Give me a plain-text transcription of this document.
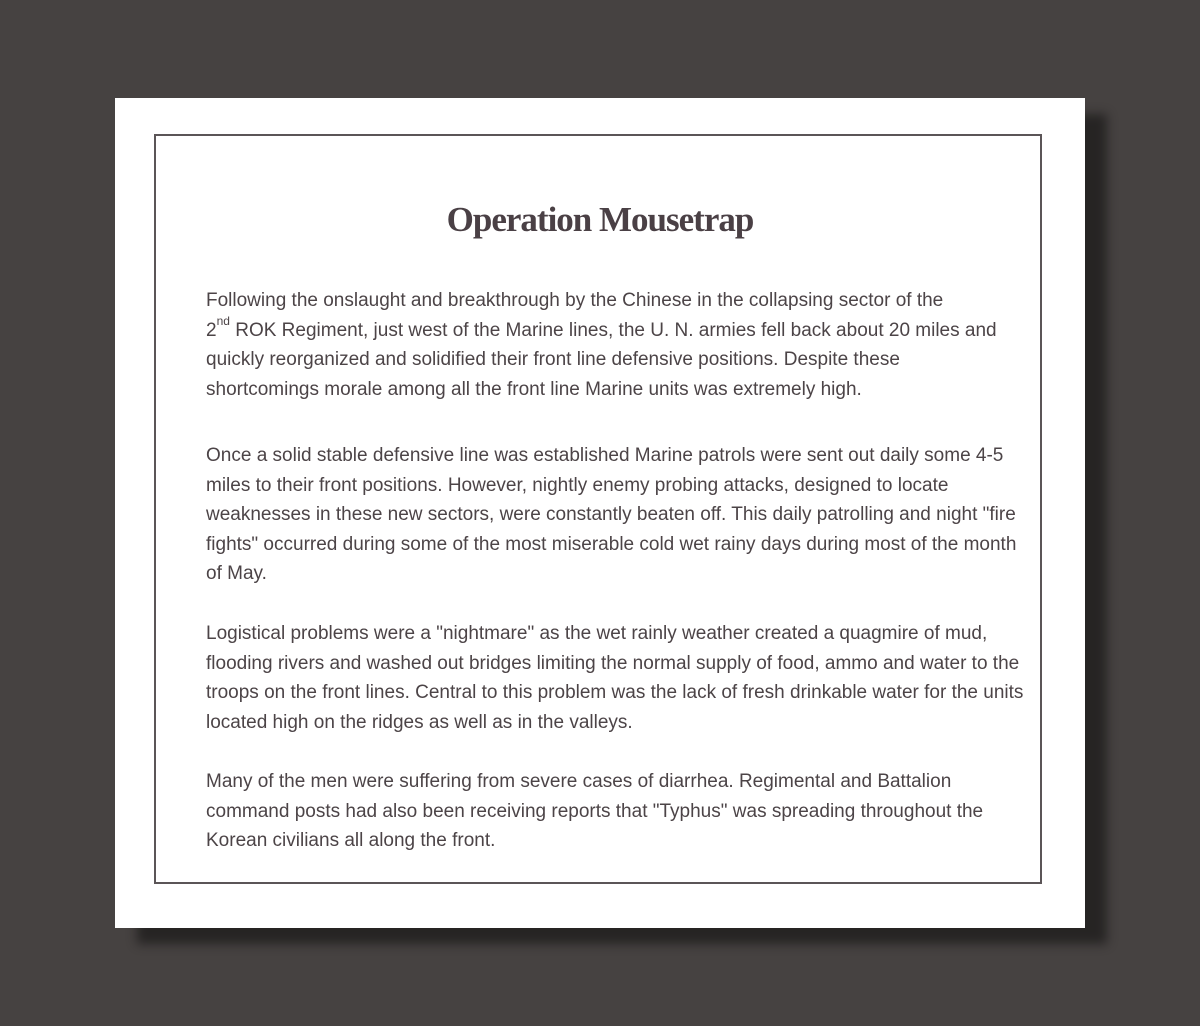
Operation Mousetrap

Following the onslaught and breakthrough by the Chinese in the collapsing sector of the
2nd ROK Regiment, just west of the Marine lines, the U. N. armies fell back about 20 miles and quickly reorganized and solidified their front line defensive positions. Despite these shortcomings morale among all the front line Marine units was extremely high.

Once a solid stable defensive line was established Marine patrols were sent out daily some 4-5 miles to their front positions. However, nightly enemy probing attacks, designed to locate weaknesses in these new sectors, were constantly beaten off. This daily patrolling and night "fire fights" occurred during some of the most miserable cold wet rainy days during most of the month of May.

Logistical problems were a "nightmare" as the wet rainly weather created a quagmire of mud, flooding rivers and washed out bridges limiting the normal supply of food, ammo and water to the troops on the front lines. Central to this problem was the lack of fresh drinkable water for the units located high on the ridges as well as in the valleys.

Many of the men were suffering from severe cases of diarrhea. Regimental and Battalion command posts had also been receiving reports that "Typhus" was spreading throughout the Korean civilians all along the front.
